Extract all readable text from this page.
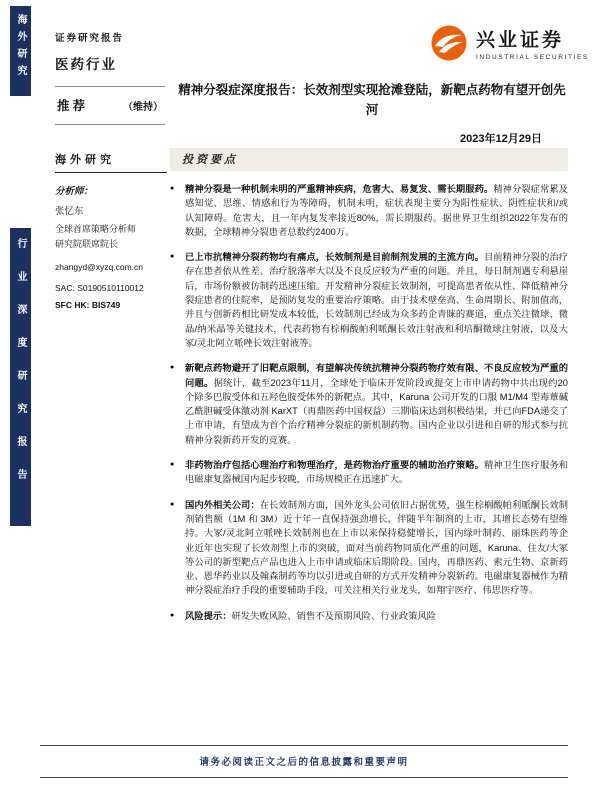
海外研究
行业深度研究报告
证券研究报告
医药行业
兴业证券
INDUSTRIAL SECURITIES
推荐	（维持）
精神分裂症深度报告：长效剂型实现抢滩登陆，新靶点药物有望开创先河
2023年12月29日
海外研究
分析师：
张忆东
全球首席策略分析师
研究院联席院长
zhangyd@xyzq.com.cn
SAC: S0190510110012
SFC HK: BIS749
投资要点
●	精神分裂是一种机制未明的严重精神疾病，危害大、易复发、需长期服药。精神分裂症常累及感知觉、思维、情感和行为等障碍，机制未明，症状表现主要分为阳性症状、阴性症状和/或认知障碍。危害大，且一年内复发率接近80%，需长期服药。据世界卫生组织2022年发布的数据，全球精神分裂患者总数约2400万。

●	已上市抗精神分裂药物均有痛点，长效制剂是目前制剂发展的主流方向。目前精神分裂的治疗存在患者依从性差、治疗脱落率大以及不良反应较为严重的问题。并且，每日制剂遇专利悬崖后，市场份额被仿制药迅速压缩。开发精神分裂症长效制剂，可提高患者依从性、降低精神分裂症患者的住院率，是预防复发的重要治疗策略。由于技术壁垒高、生命周期长、附加值高，并且与创新药相比研发成本较低，长效制剂已经成为众多药企青睐的赛道，重点关注微球、微晶/纳米晶等关键技术，代表药物有棕榈酸帕利哌酮长效注射液和利培酮微球注射液，以及大冢/灵北阿立哌唑长效注射液等。

●	新靶点药物避开了旧靶点限制，有望解决传统抗精神分裂药物疗效有限、不良反应较为严重的问题。据统计，截至2023年11月，全球处于临床开发阶段或提交上市申请药物中共出现约20个除多巴胺受体和五羟色胺受体外的新靶点。其中，Karuna 公司开发的口服 M1/M4 型毒蕈碱乙酰胆碱受体激动剂 KarXT（再鼎医药中国权益）三期临床达到积极结果，并已向FDA递交了上市申请，有望成为首个治疗精神分裂症的新机制药物。国内企业以引进和自研的形式参与抗精神分裂新药开发的竞赛。

●	非药物治疗包括心理治疗和物理治疗，是药物治疗重要的辅助治疗策略。精神卫生医疗服务和电磁康复器械国内起步较晚，市场规模正在迅速扩大。

●	国内外相关公司：在长效制剂方面，国外龙头公司依旧占据优势，强生棕榈酸帕利哌酮长效制剂销售额（1M 和 3M）近十年一直保持强劲增长，伴随半年制剂的上市，其增长态势有望维持。大冢/灵北阿立哌唑长效制剂也在上市以来保持稳健增长，国内绿叶制药、丽珠医药等企业近年也实现了长效剂型上市的突破，面对当前药物同质化严重的问题，Karuna、住友/大冢等公司的新型靶点产品也进入上市申请或临床后期阶段。国内，再鼎医药、索元生物、京新药业、恩华药业以及翰森制药等均以引进或自研的方式开发精神分裂新药。电磁康复器械作为精神分裂症治疗手段的重要辅助手段，可关注相关行业龙头，如翔宇医疗、伟思医疗等。

●	风险提示：研发失败风险、销售不及预期风险、行业政策风险

请务必阅读正文之后的信息披露和重要声明
